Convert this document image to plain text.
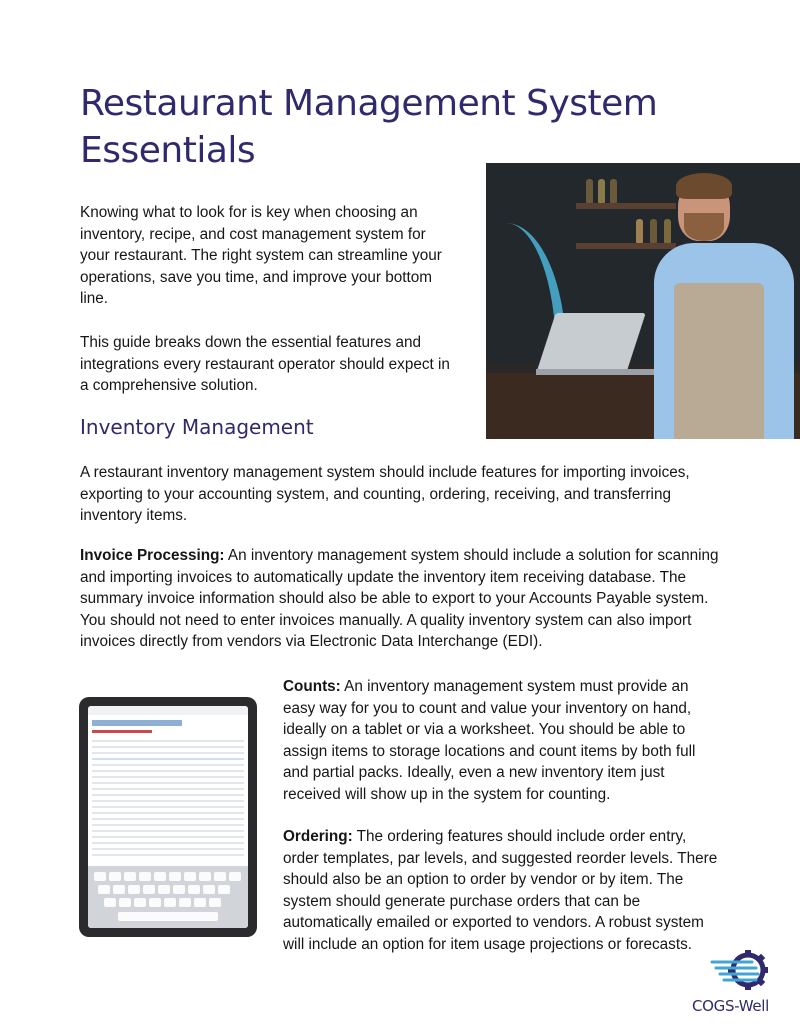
Restaurant Management System Essentials

Knowing what to look for is key when choosing an inventory, recipe, and cost management system for your restaurant. The right system can streamline your operations, save you time, and improve your bottom line.

This guide breaks down the essential features and integrations every restaurant operator should expect in a comprehensive solution.

Inventory Management

A restaurant inventory management system should include features for importing invoices, exporting to your accounting system, and counting, ordering, receiving, and transferring inventory items.

Invoice Processing: An inventory management system should include a solution for scanning and importing invoices to automatically update the inventory item receiving database. The summary invoice information should also be able to export to your Accounts Payable system. You should not need to enter invoices manually. A quality inventory system can also import invoices directly from vendors via Electronic Data Interchange (EDI).

Counts: An inventory management system must provide an easy way for you to count and value your inventory on hand, ideally on a tablet or via a worksheet. You should be able to assign items to storage locations and count items by both full and partial packs. Ideally, even a new inventory item just received will show up in the system for counting.

Ordering: The ordering features should include order entry, order templates, par levels, and suggested reorder levels. There should also be an option to order by vendor or by item. The system should generate purchase orders that can be automatically emailed or exported to vendors. A robust system will include an option for item usage projections or forecasts.

COGS-Well
